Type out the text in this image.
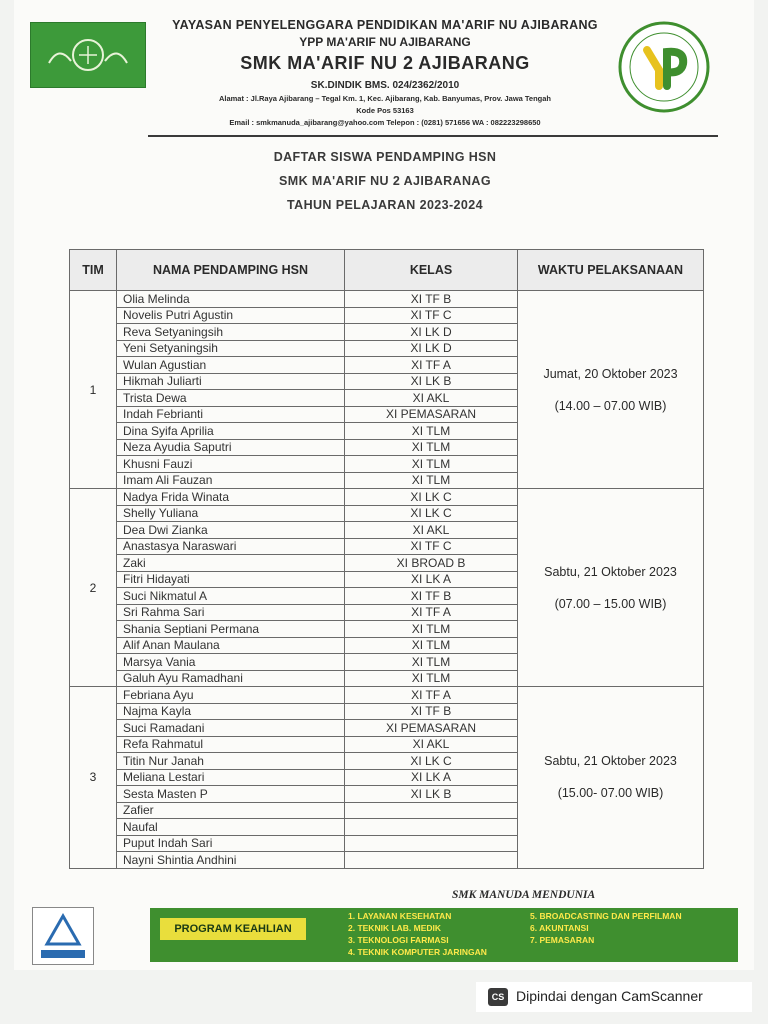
YAYASAN PENYELENGGARA PENDIDIKAN MA'ARIF NU AJIBARANG
YPP MA'ARIF NU AJIBARANG
SMK MA'ARIF NU 2 AJIBARANG
SK.DINDIK BMS. 024/2362/2010
Alamat : Jl.Raya Ajibarang – Tegal Km. 1, Kec. Ajibarang, Kab. Banyumas, Prov. Jawa Tengah
Kode Pos 53163
Email : smkmanuda_ajibarang@yahoo.com Telepon : (0281) 571656 WA : 082223298650
DAFTAR SISWA PENDAMPING HSN
SMK MA'ARIF NU 2 AJIBARANAG
TAHUN PELAJARAN 2023-2024
TIM	NAMA PENDAMPING HSN	KELAS	WAKTU PELAKSANAAN
1	Olia Melinda	XI TF B	Jumat, 20 Oktober 2023
(14.00 – 07.00 WIB)

	Novelis Putri Agustin	XI TF C	
	Reva Setyaningsih	XI LK D	
	Yeni Setyaningsih	XI LK D	
	Wulan Agustian	XI TF A	
	Hikmah Juliarti	XI LK B	
	Trista Dewa	XI AKL	
	Indah Febrianti	XI PEMASARAN	
	Dina Syifa Aprilia	XI TLM	
	Neza Ayudia Saputri	XI TLM	
	Khusni Fauzi	XI TLM	
	Imam Ali Fauzan	XI TLM	
2	Nadya Frida Winata	XI LK C	Sabtu, 21 Oktober 2023
(07.00 – 15.00 WIB)

	Shelly Yuliana	XI LK C	
	Dea Dwi Zianka	XI AKL	
	Anastasya Naraswari	XI TF C	
	Zaki	XI BROAD B	
	Fitri Hidayati	XI LK A	
	Suci Nikmatul A	XI TF B	
	Sri Rahma Sari	XI TF A	
	Shania Septiani Permana	XI TLM	
	Alif Anan Maulana	XI TLM	
	Marsya Vania	XI TLM	
	Galuh Ayu Ramadhani	XI TLM	
3	Febriana Ayu	XI TF A	Sabtu, 21 Oktober 2023
(15.00- 07.00 WIB)

	Najma Kayla	XI TF B	
	Suci Ramadani	XI PEMASARAN	
	Refa Rahmatul	XI AKL	
	Titin Nur Janah	XI LK C	
	Meliana Lestari	XI LK A	
	Sesta Masten P	XI LK B	
	Zafier		
	Naufal		
	Puput Indah Sari		
	Nayni Shintia Andhini		
SMK MANUDA MENDUNIA
PROGRAM KEAHLIAN
1. LAYANAN KESEHATAN
2. TEKNIK LAB. MEDIK
3. TEKNOLOGI FARMASI
4. TEKNIK KOMPUTER JARINGAN
5. BROADCASTING DAN PERFILMAN
6. AKUNTANSI
7. PEMASARAN
CS Dipindai dengan CamScanner
